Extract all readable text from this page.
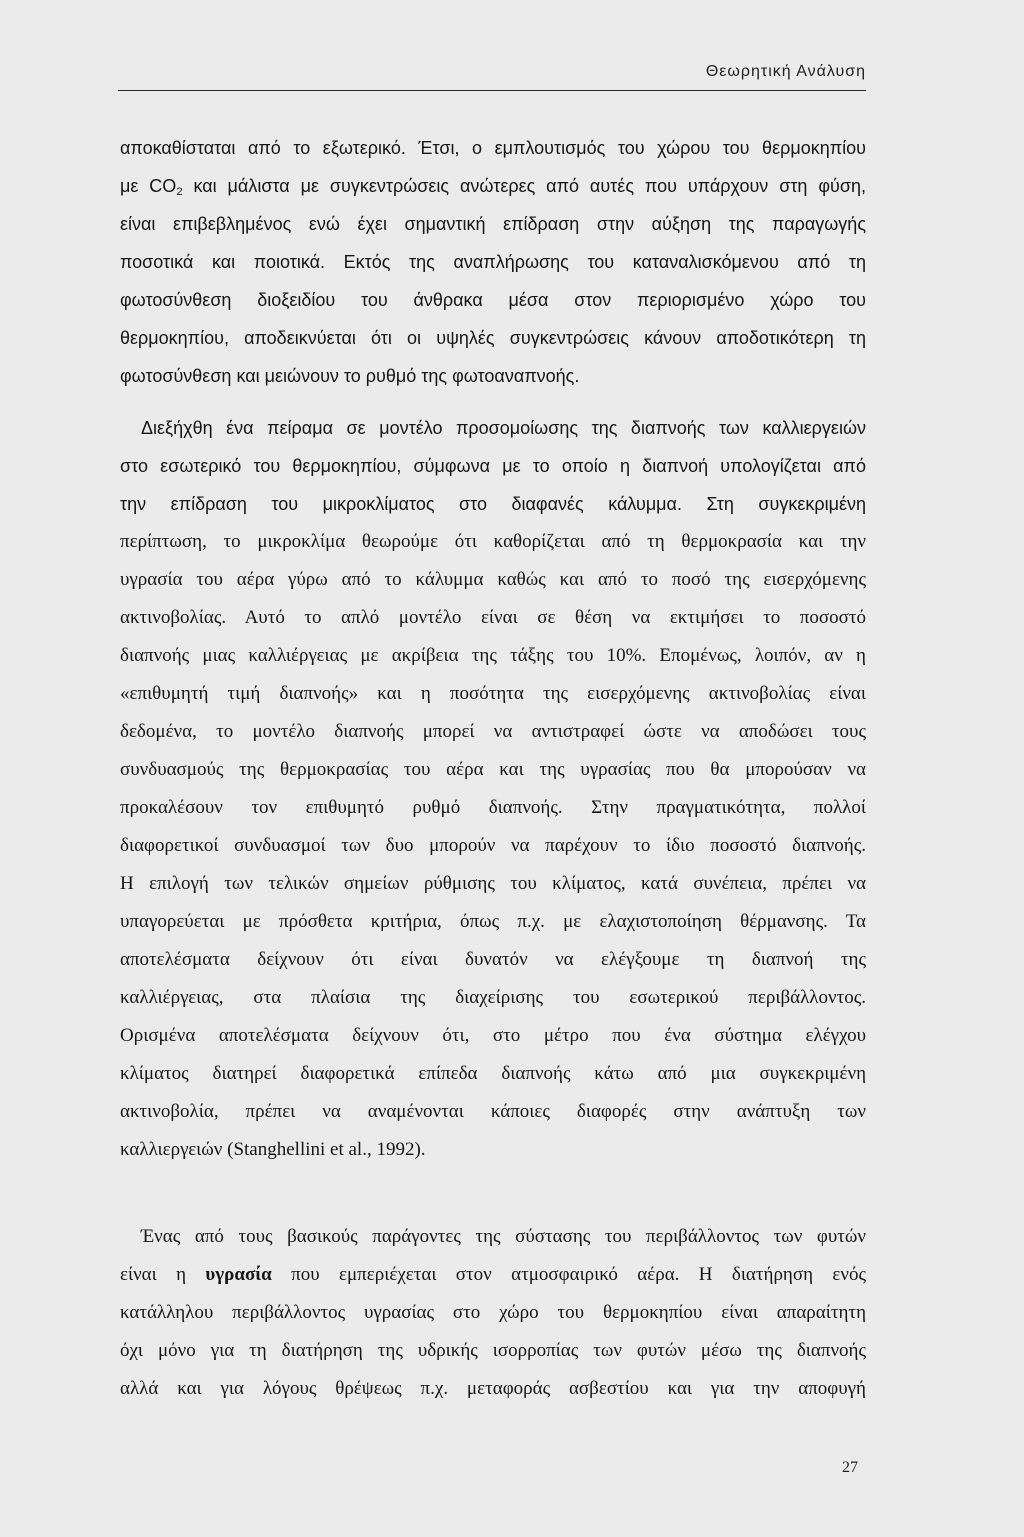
Θεωρητική Ανάλυση
αποκαθίσταται από το εξωτερικό. Έτσι, ο εμπλουτισμός του χώρου του θερμοκηπίου
με $CO_2$ και μάλιστα με συγκεντρώσεις ανώτερες από αυτές που υπάρχουν στη φύση,
είναι επιβεβλημένος ενώ έχει σημαντική επίδραση στην αύξηση της παραγωγής
ποσοτικά και ποιοτικά. Εκτός της αναπλήρωσης του καταναλισκόμενου από τη
φωτοσύνθεση διοξειδίου του άνθρακα μέσα στον περιορισμένο χώρο του
θερμοκηπίου, αποδεικνύεται ότι οι υψηλές συγκεντρώσεις κάνουν αποδοτικότερη τη
φωτοσύνθεση και μειώνουν το ρυθμό της φωτοαναπνοής.
Διεξήχθη ένα πείραμα σε μοντέλο προσομοίωσης της διαπνοής των καλλιεργειών
στο εσωτερικό του θερμοκηπίου, σύμφωνα με το οποίο η διαπνοή υπολογίζεται από
την επίδραση του μικροκλίματος στο διαφανές κάλυμμα. Στη συγκεκριμένη
περίπτωση, το μικροκλίμα θεωρούμε ότι καθορίζεται από τη θερμοκρασία και την
υγρασία του αέρα γύρω από το κάλυμμα καθώς και από το ποσό της εισερχόμενης
ακτινοβολίας. Αυτό το απλό μοντέλο είναι σε θέση να εκτιμήσει το ποσοστό
διαπνοής μιας καλλιέργειας με ακρίβεια της τάξης του 10%. Επομένως, λοιπόν, αν η
«επιθυμητή τιμή διαπνοής» και η ποσότητα της εισερχόμενης ακτινοβολίας είναι
δεδομένα, το μοντέλο διαπνοής μπορεί να αντιστραφεί ώστε να αποδώσει τους
συνδυασμούς της θερμοκρασίας του αέρα και της υγρασίας που θα μπορούσαν να
προκαλέσουν τον επιθυμητό ρυθμό διαπνοής. Στην πραγματικότητα, πολλοί
διαφορετικοί συνδυασμοί των δυο μπορούν να παρέχουν το ίδιο ποσοστό διαπνοής.
Η επιλογή των τελικών σημείων ρύθμισης του κλίματος, κατά συνέπεια, πρέπει να
υπαγορεύεται με πρόσθετα κριτήρια, όπως π.χ. με ελαχιστοποίηση θέρμανσης. Τα
αποτελέσματα δείχνουν ότι είναι δυνατόν να ελέγξουμε τη διαπνοή της
καλλιέργειας, στα πλαίσια της διαχείρισης του εσωτερικού περιβάλλοντος.
Ορισμένα αποτελέσματα δείχνουν ότι, στο μέτρο που ένα σύστημα ελέγχου
κλίματος διατηρεί διαφορετικά επίπεδα διαπνοής κάτω από μια συγκεκριμένη
ακτινοβολία, πρέπει να αναμένονται κάποιες διαφορές στην ανάπτυξη των
καλλιεργειών (Stanghellini et al., 1992).
Ένας από τους βασικούς παράγοντες της σύστασης του περιβάλλοντος των φυτών
είναι η υγρασία που εμπεριέχεται στον ατμοσφαιρικό αέρα. Η διατήρηση ενός
κατάλληλου περιβάλλοντος υγρασίας στο χώρο του θερμοκηπίου είναι απαραίτητη
όχι μόνο για τη διατήρηση της υδρικής ισορροπίας των φυτών μέσω της διαπνοής
αλλά και για λόγους θρέψεως π.χ. μεταφοράς ασβεστίου και για την αποφυγή
27
